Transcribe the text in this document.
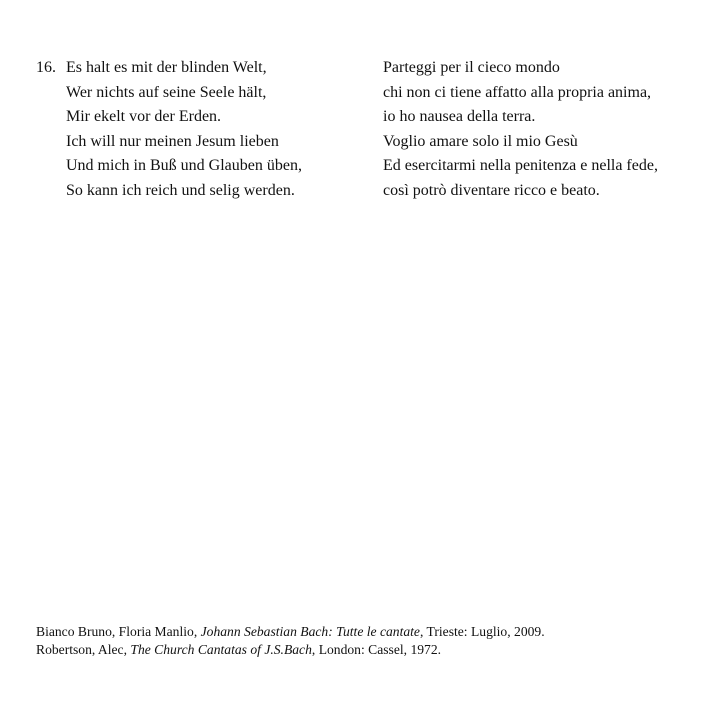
16. Es halt es mit der blinden Welt,
Wer nichts auf seine Seele hält,
Mir ekelt vor der Erden.
Ich will nur meinen Jesum lieben
Und mich in Buß und Glauben üben,
So kann ich reich und selig werden.
Parteggi per il cieco mondo
chi non ci tiene affatto alla propria anima,
io ho nausea della terra.
Voglio amare solo il mio Gesù
Ed esercitarmi nella penitenza e nella fede,
così potrò diventare ricco e beato.
Bianco Bruno, Floria Manlio, Johann Sebastian Bach: Tutte le cantate, Trieste: Luglio, 2009.
Robertson, Alec, The Church Cantatas of J.S.Bach, London: Cassel, 1972.
